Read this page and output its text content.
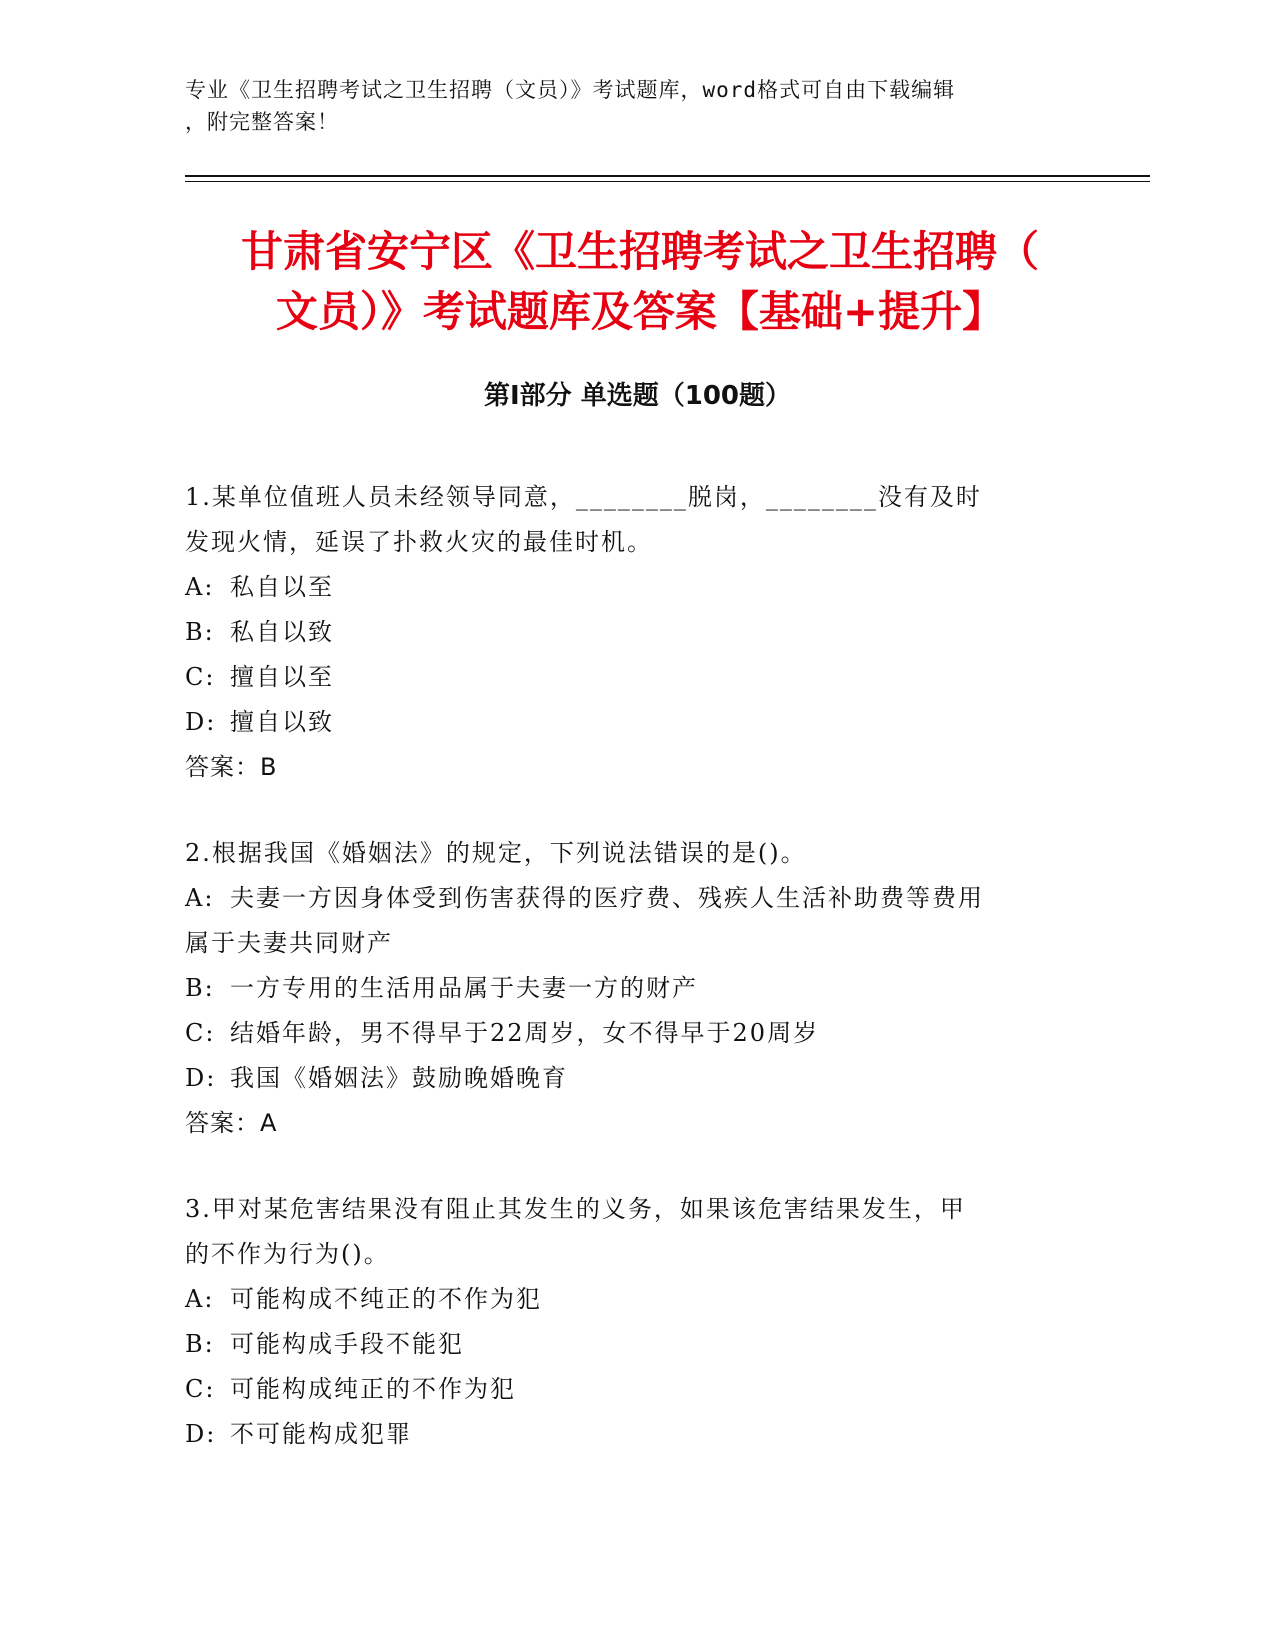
专业《卫生招聘考试之卫生招聘（文员）》考试题库，word格式可自由下载编辑
，附完整答案！
甘肃省安宁区《卫生招聘考试之卫生招聘（
文员）》考试题库及答案【基础+提升】
第Ⅰ部分 单选题（100题）
1.某单位值班人员未经领导同意，________脱岗，________没有及时
发现火情，延误了扑救火灾的最佳时机。
A: 私自以至
B: 私自以致
C: 擅自以至
D: 擅自以致
答案：B
2.根据我国《婚姻法》的规定，下列说法错误的是()。
A: 夫妻一方因身体受到伤害获得的医疗费、残疾人生活补助费等费用
属于夫妻共同财产
B: 一方专用的生活用品属于夫妻一方的财产
C: 结婚年龄，男不得早于22周岁，女不得早于20周岁
D: 我国《婚姻法》鼓励晚婚晚育
答案：A
3.甲对某危害结果没有阻止其发生的义务，如果该危害结果发生，甲
的不作为行为()。
A: 可能构成不纯正的不作为犯
B: 可能构成手段不能犯
C: 可能构成纯正的不作为犯
D: 不可能构成犯罪
